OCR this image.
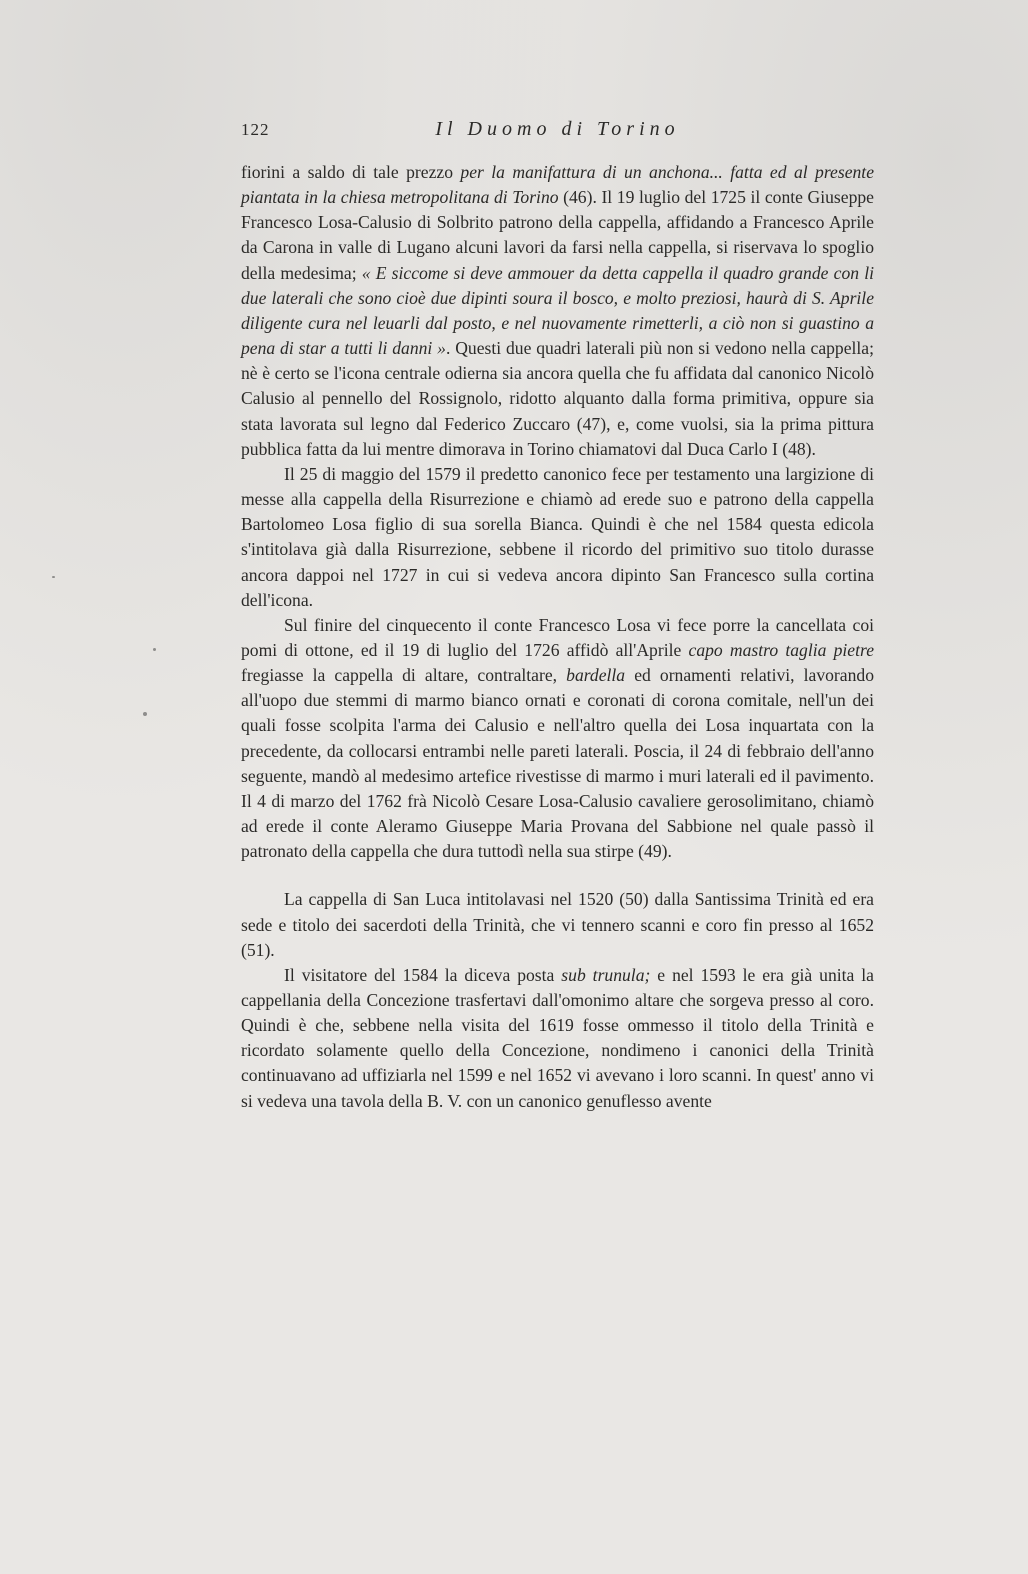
122	Il Duomo di Torino

fiorini a saldo di tale prezzo per la manifattura di un anchona... fatta ed al presente piantata in la chiesa metropolitana di Torino (46). Il 19 luglio del 1725 il conte Giuseppe Francesco Losa-Calusio di Solbrito patrono della cappella, affidando a Francesco Aprile da Carona in valle di Lugano alcuni lavori da farsi nella cappella, si riservava lo spoglio della medesima; « E siccome si deve ammouer da detta cappella il quadro grande con li due laterali che sono cioè due dipinti soura il bosco, e molto preziosi, haurà di S. Aprile diligente cura nel leuarli dal posto, e nel nuovamente rimetterli, a ciò non si guastino a pena di star a tutti li danni ». Questi due quadri laterali più non si vedono nella cappella; nè è certo se l'icona centrale odierna sia ancora quella che fu affidata dal canonico Nicolò Calusio al pennello del Rossignolo, ridotto alquanto dalla forma primitiva, oppure sia stata lavorata sul legno dal Federico Zuccaro (47), e, come vuolsi, sia la prima pittura pubblica fatta da lui mentre dimorava in Torino chiamatovi dal Duca Carlo I (48).

Il 25 di maggio del 1579 il predetto canonico fece per testamento una largizione di messe alla cappella della Risurrezione e chiamò ad erede suo e patrono della cappella Bartolomeo Losa figlio di sua sorella Bianca. Quindi è che nel 1584 questa edicola s'intitolava già dalla Risurrezione, sebbene il ricordo del primitivo suo titolo durasse ancora dappoi nel 1727 in cui si vedeva ancora dipinto San Francesco sulla cortina dell'icona.

Sul finire del cinquecento il conte Francesco Losa vi fece porre la cancellata coi pomi di ottone, ed il 19 di luglio del 1726 affidò all'Aprile capo mastro taglia pietre fregiasse la cappella di altare, contraltare, bardella ed ornamenti relativi, lavorando all'uopo due stemmi di marmo bianco ornati e coronati di corona comitale, nell'un dei quali fosse scolpita l'arma dei Calusio e nell'altro quella dei Losa inquartata con la precedente, da collocarsi entrambi nelle pareti laterali. Poscia, il 24 di febbraio dell'anno seguente, mandò al medesimo artefice rivestisse di marmo i muri laterali ed il pavimento. Il 4 di marzo del 1762 frà Nicolò Cesare Losa-Calusio cavaliere gerosolimitano, chiamò ad erede il conte Aleramo Giuseppe Maria Provana del Sabbione nel quale passò il patronato della cappella che dura tuttodì nella sua stirpe (49).

La cappella di San Luca intitolavasi nel 1520 (50) dalla Santissima Trinità ed era sede e titolo dei sacerdoti della Trinità, che vi tennero scanni e coro fin presso al 1652 (51).

Il visitatore del 1584 la diceva posta sub trunula; e nel 1593 le era già unita la cappellania della Concezione trasfertavi dall'omonimo altare che sorgeva presso al coro. Quindi è che, sebbene nella visita del 1619 fosse ommesso il titolo della Trinità e ricordato solamente quello della Concezione, nondimeno i canonici della Trinità continuavano ad uffiziarla nel 1599 e nel 1652 vi avevano i loro scanni. In quest' anno vi si vedeva una tavola della B. V. con un canonico genuflesso avente
